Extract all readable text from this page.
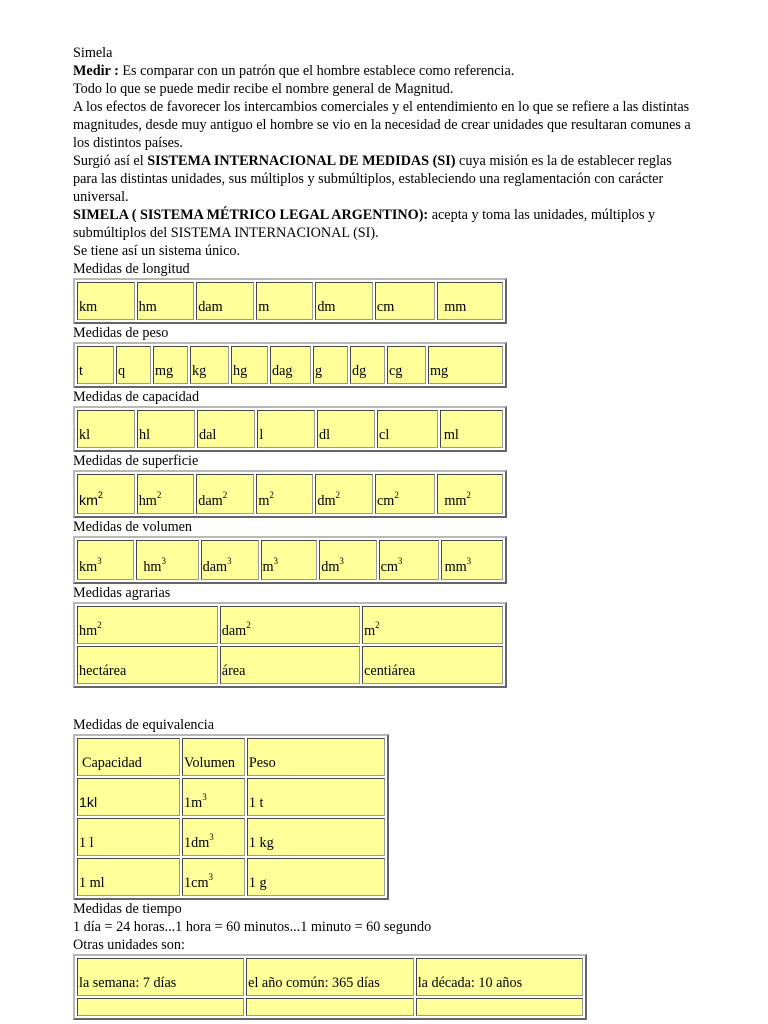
Simela

Medir : Es comparar con un patrón que el hombre establece como referencia.

Todo lo que se puede medir recibe el nombre general de Magnitud.

A los efectos de favorecer los intercambios comerciales y el entendimiento en lo que se refiere a las distintas magnitudes, desde muy antiguo el hombre se vio en la necesidad de crear unidades que resultaran comunes a los distintos países.

Surgió así el SISTEMA INTERNACIONAL DE MEDIDAS (SI) cuya misión es la de establecer reglas para las distintas unidades, sus múltiplos y submúltiplos, estableciendo una reglamentación con carácter universal.

SIMELA ( SISTEMA MÉTRICO LEGAL ARGENTINO): acepta y toma las unidades, múltiplos y submúltiplos del SISTEMA INTERNACIONAL (SI).

Se tiene así un sistema único.

Medidas de longitud

km	hm	dam	m	dm	cm	mm

Medidas de peso

t	q	mg	kg	hg	dag	g	dg	cg	mg

Medidas de capacidad

kl	hl	dal	l	dl	cl	ml

Medidas de superficie

$km^2$	$hm^2$	dam$^2$	$m^2$	$dm^2$	$cm^2$	$mm^2$

Medidas de volumen

$km^3$	$hm^3$	dam$^3$	$m^3$	$dm^3$	$cm^3$	$mm^3$

Medidas agrarias

$hm^2$	dam$^2$	$m^2$
hectárea	área	centiárea

Medidas de equivalencia

Capacidad	Volumen	Peso
1kl	$1m^3$	1 t
1 l	$1dm^3$	1 kg
1 ml	$1cm^3$	1 g

Medidas de tiempo

1 día = 24 horas...1 hora = 60 minutos...1 minuto = 60 segundo

Otras unidades son:

la semana: 7 días	el año común: 365 días	la década: 10 años
